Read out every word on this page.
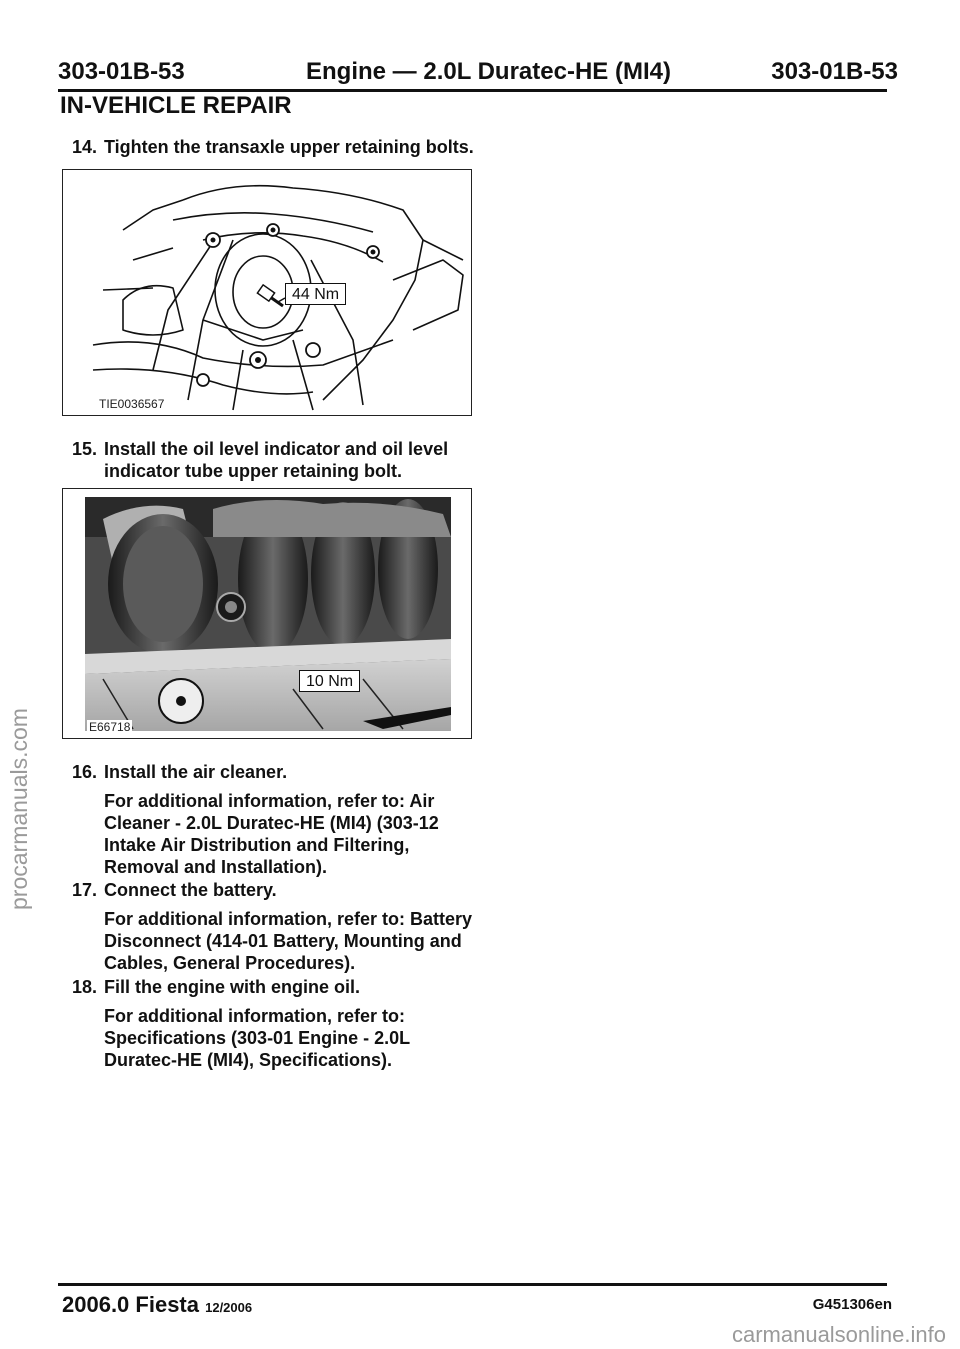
303-01B-53	Engine — 2.0L Duratec-HE (MI4)	303-01B-53
IN-VEHICLE REPAIR
14. Tighten the transaxle upper retaining bolts.
44 Nm
TIE0036567
15. Install the oil level indicator and oil level indicator tube upper retaining bolt.
10 Nm
E66718
16. Install the air cleaner.
For additional information, refer to: Air Cleaner - 2.0L Duratec-HE (MI4) (303-12 Intake Air Distribution and Filtering, Removal and Installation).
17. Connect the battery.
For additional information, refer to: Battery Disconnect (414-01 Battery, Mounting and Cables, General Procedures).
18. Fill the engine with engine oil.
For additional information, refer to: Specifications (303-01 Engine - 2.0L Duratec-HE (MI4), Specifications).
2006.0 Fiesta 12/2006	G451306en
procarmanuals.com
carmanualsonline.info
